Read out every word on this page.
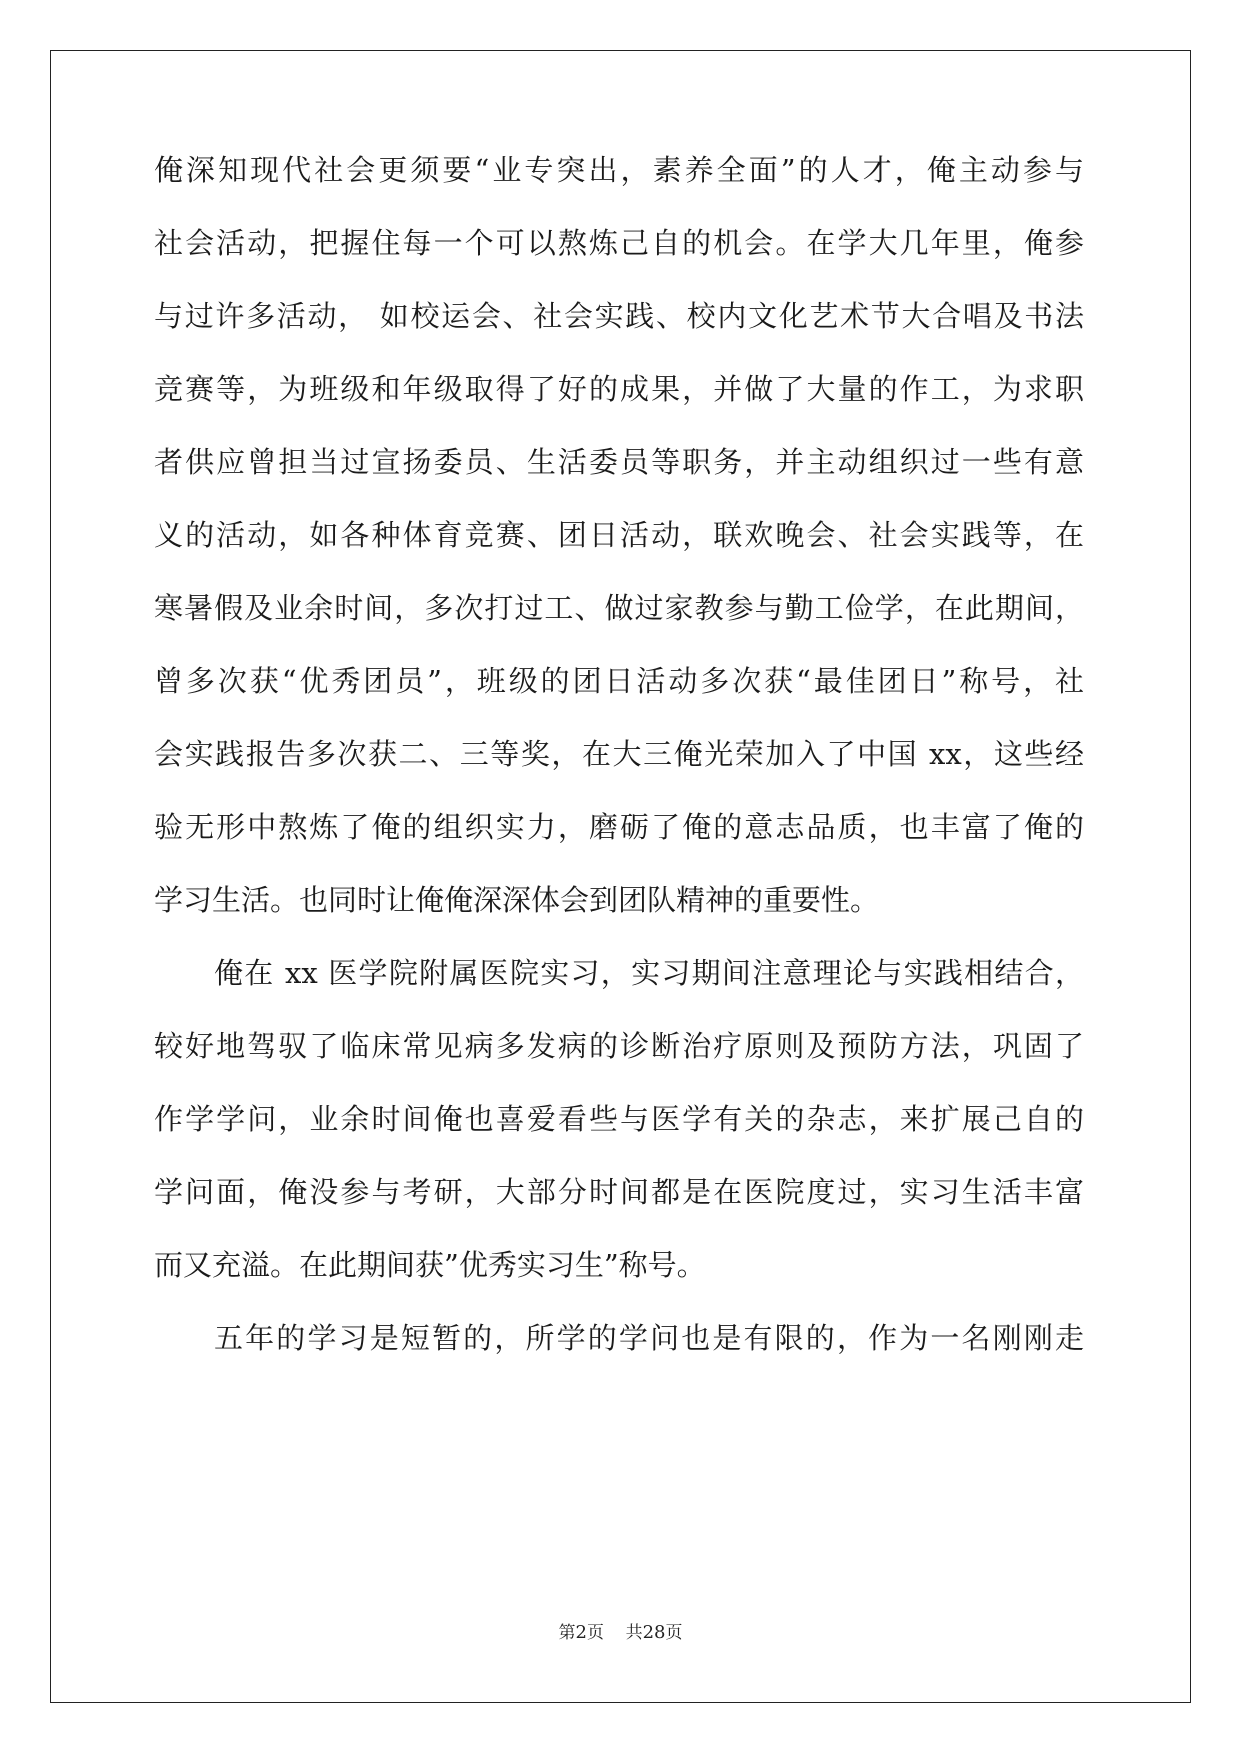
俺深知现代社会更须要“业专突出，素养全面”的人才，俺主动参与
社会活动，把握住每一个可以熬炼己自的机会。在学大几年里，俺参
与过许多活动， 如校运会、社会实践、校内文化艺术节大合唱及书法
竞赛等，为班级和年级取得了好的成果，并做了大量的作工，为求职
者供应曾担当过宣扬委员、生活委员等职务，并主动组织过一些有意
义的活动，如各种体育竞赛、团日活动，联欢晚会、社会实践等，在
寒暑假及业余时间，多次打过工、做过家教参与勤工俭学，在此期间，
曾多次获“优秀团员”，班级的团日活动多次获“最佳团日”称号，社
会实践报告多次获二、三等奖，在大三俺光荣加入了中国 xx，这些经
验无形中熬炼了俺的组织实力，磨砺了俺的意志品质，也丰富了俺的
学习生活。也同时让俺俺深深体会到团队精神的重要性。
俺在 xx 医学院附属医院实习，实习期间注意理论与实践相结合，
较好地驾驭了临床常见病多发病的诊断治疗原则及预防方法，巩固了
作学学问，业余时间俺也喜爱看些与医学有关的杂志，来扩展己自的
学问面，俺没参与考研，大部分时间都是在医院度过，实习生活丰富
而又充溢。在此期间获”优秀实习生”称号。
五年的学习是短暂的，所学的学问也是有限的，作为一名刚刚走
第2页 共28页
